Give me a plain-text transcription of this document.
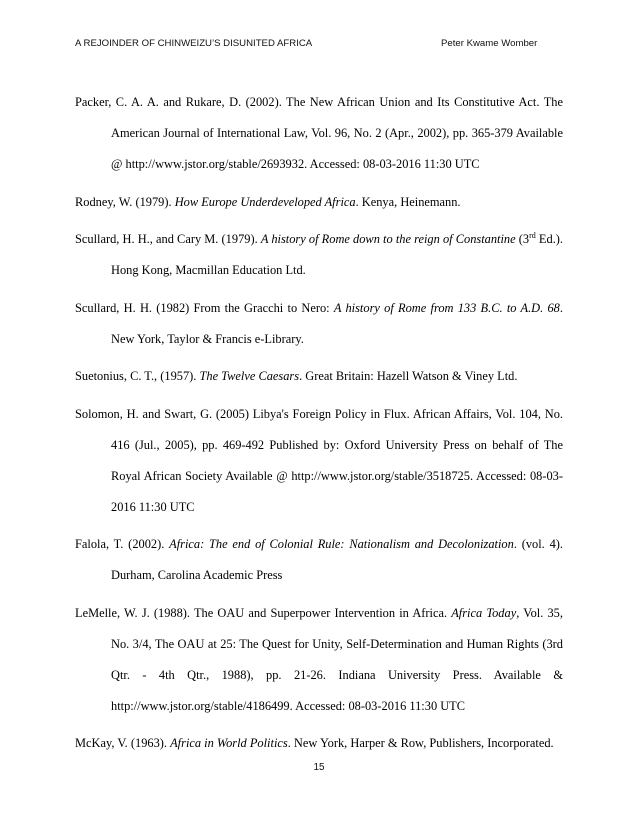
A REJOINDER OF CHINWEIZU’S DISUNITED AFRICA	Peter Kwame Womber

Packer, C. A. A. and Rukare, D. (2002). The New African Union and Its Constitutive Act. The American Journal of International Law, Vol. 96, No. 2 (Apr., 2002), pp. 365-379 Available @ http://www.jstor.org/stable/2693932. Accessed: 08-03-2016 11:30 UTC

Rodney, W. (1979). How Europe Underdeveloped Africa. Kenya, Heinemann.

Scullard, H. H., and Cary M. (1979). A history of Rome down to the reign of Constantine (3rd Ed.). Hong Kong, Macmillan Education Ltd.

Scullard, H. H. (1982) From the Gracchi to Nero: A history of Rome from 133 B.C. to A.D. 68. New York, Taylor & Francis e-Library.

Suetonius, C. T., (1957). The Twelve Caesars. Great Britain: Hazell Watson & Viney Ltd.

Solomon, H. and Swart, G. (2005) Libya's Foreign Policy in Flux. African Affairs, Vol. 104, No. 416 (Jul., 2005), pp. 469-492 Published by: Oxford University Press on behalf of The Royal African Society Available @ http://www.jstor.org/stable/3518725. Accessed: 08-03-2016 11:30 UTC

Falola, T. (2002). Africa: The end of Colonial Rule: Nationalism and Decolonization. (vol. 4). Durham, Carolina Academic Press

LeMelle, W. J. (1988). The OAU and Superpower Intervention in Africa. Africa Today, Vol. 35, No. 3/4, The OAU at 25: The Quest for Unity, Self-Determination and Human Rights (3rd Qtr. - 4th Qtr., 1988), pp. 21-26. Indiana University Press. Available & http://www.jstor.org/stable/4186499. Accessed: 08-03-2016 11:30 UTC

McKay, V. (1963). Africa in World Politics. New York, Harper & Row, Publishers, Incorporated.

15
